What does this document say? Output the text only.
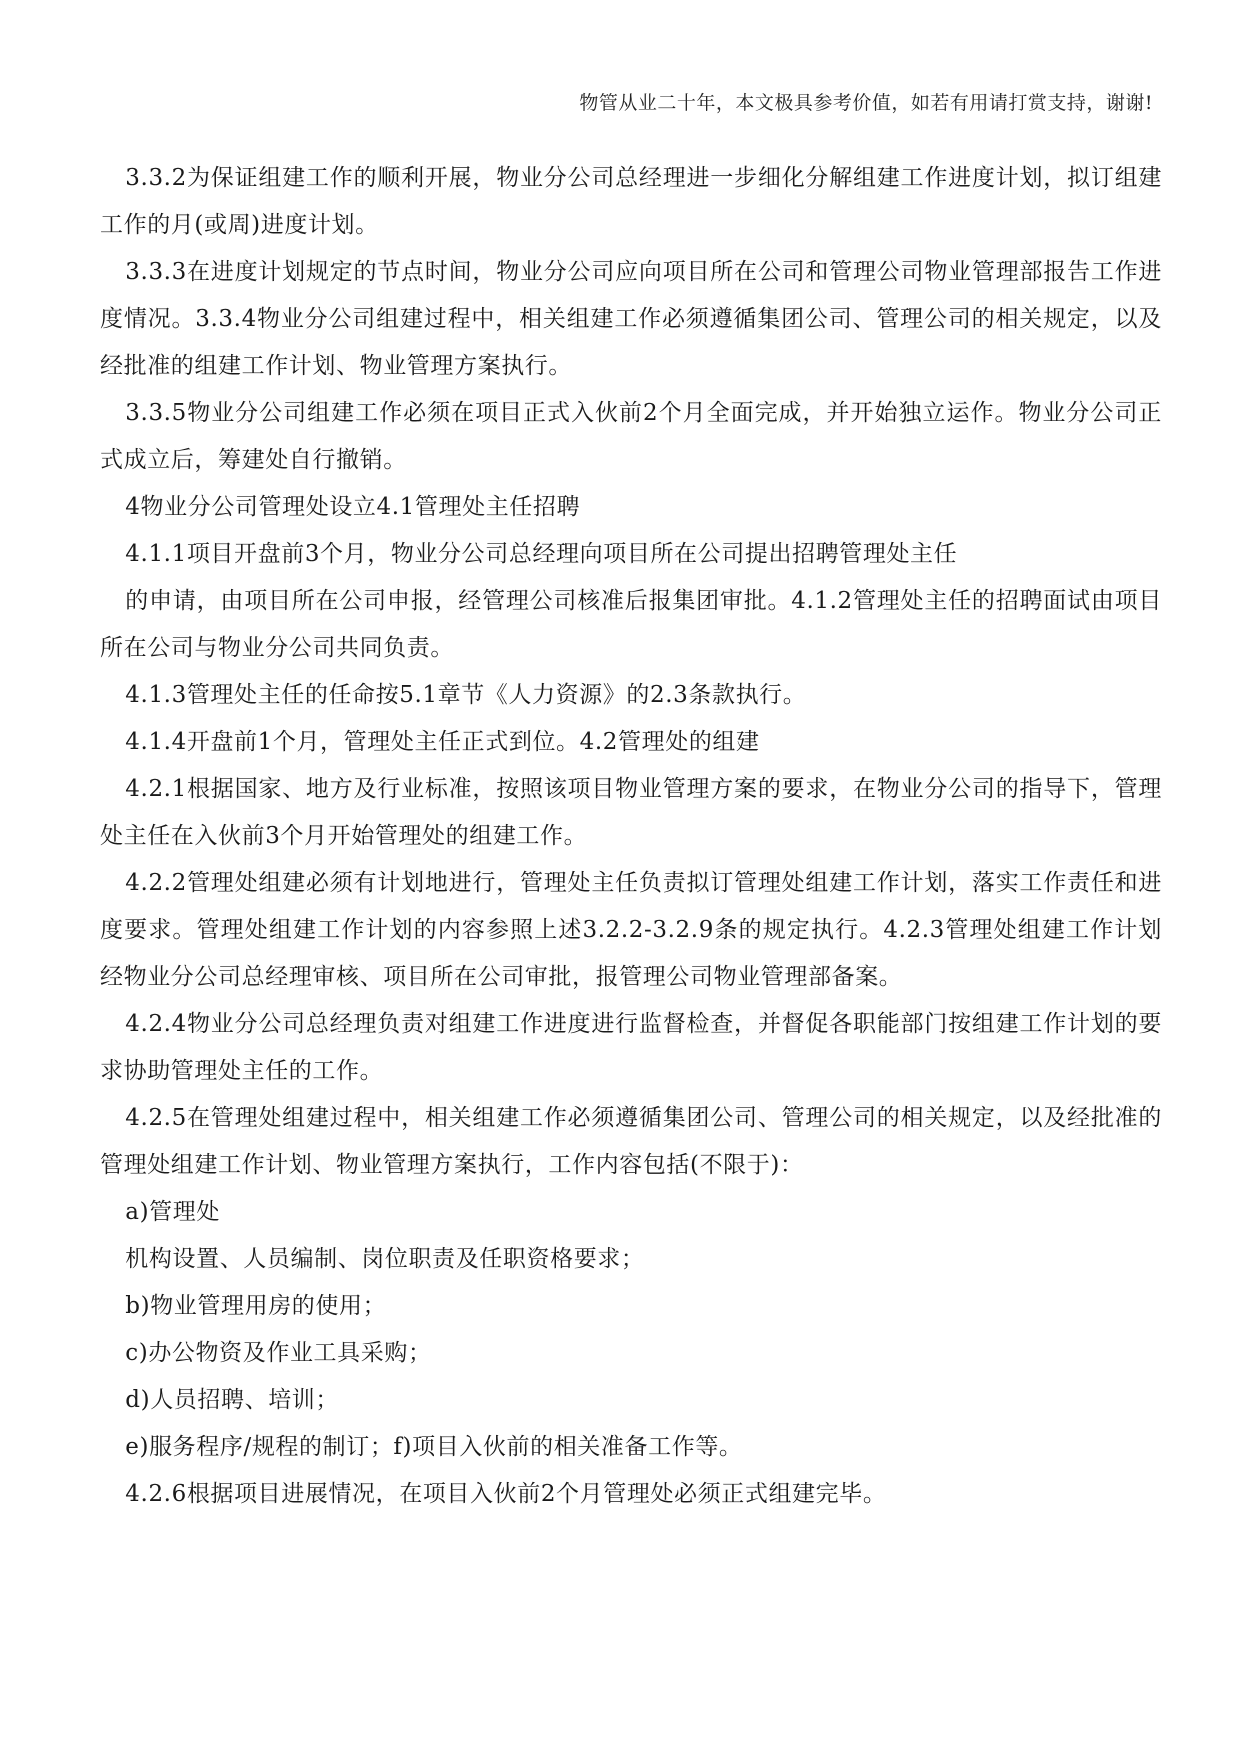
物管从业二十年，本文极具参考价值，如若有用请打赏支持，谢谢!

3.3.2为保证组建工作的顺利开展，物业分公司总经理进一步细化分解组建工作进度计划，拟订组建工作的月(或周)进度计划。

3.3.3在进度计划规定的节点时间，物业分公司应向项目所在公司和管理公司物业管理部报告工作进度情况。3.3.4物业分公司组建过程中，相关组建工作必须遵循集团公司、管理公司的相关规定，以及经批准的组建工作计划、物业管理方案执行。

3.3.5物业分公司组建工作必须在项目正式入伙前2个月全面完成，并开始独立运作。物业分公司正式成立后，筹建处自行撤销。

4物业分公司管理处设立4.1管理处主任招聘

4.1.1项目开盘前3个月，物业分公司总经理向项目所在公司提出招聘管理处主任

的申请，由项目所在公司申报，经管理公司核准后报集团审批。4.1.2管理处主任的招聘面试由项目所在公司与物业分公司共同负责。

4.1.3管理处主任的任命按5.1章节《人力资源》的2.3条款执行。

4.1.4开盘前1个月，管理处主任正式到位。4.2管理处的组建

4.2.1根据国家、地方及行业标准，按照该项目物业管理方案的要求，在物业分公司的指导下，管理处主任在入伙前3个月开始管理处的组建工作。

4.2.2管理处组建必须有计划地进行，管理处主任负责拟订管理处组建工作计划，落实工作责任和进度要求。管理处组建工作计划的内容参照上述3.2.2-3.2.9条的规定执行。4.2.3管理处组建工作计划经物业分公司总经理审核、项目所在公司审批，报管理公司物业管理部备案。

4.2.4物业分公司总经理负责对组建工作进度进行监督检查，并督促各职能部门按组建工作计划的要求协助管理处主任的工作。

4.2.5在管理处组建过程中，相关组建工作必须遵循集团公司、管理公司的相关规定，以及经批准的管理处组建工作计划、物业管理方案执行，工作内容包括(不限于)：

a)管理处

机构设置、人员编制、岗位职责及任职资格要求；

b)物业管理用房的使用；

c)办公物资及作业工具采购；

d)人员招聘、培训；

e)服务程序/规程的制订；f)项目入伙前的相关准备工作等。

4.2.6根据项目进展情况，在项目入伙前2个月管理处必须正式组建完毕。
